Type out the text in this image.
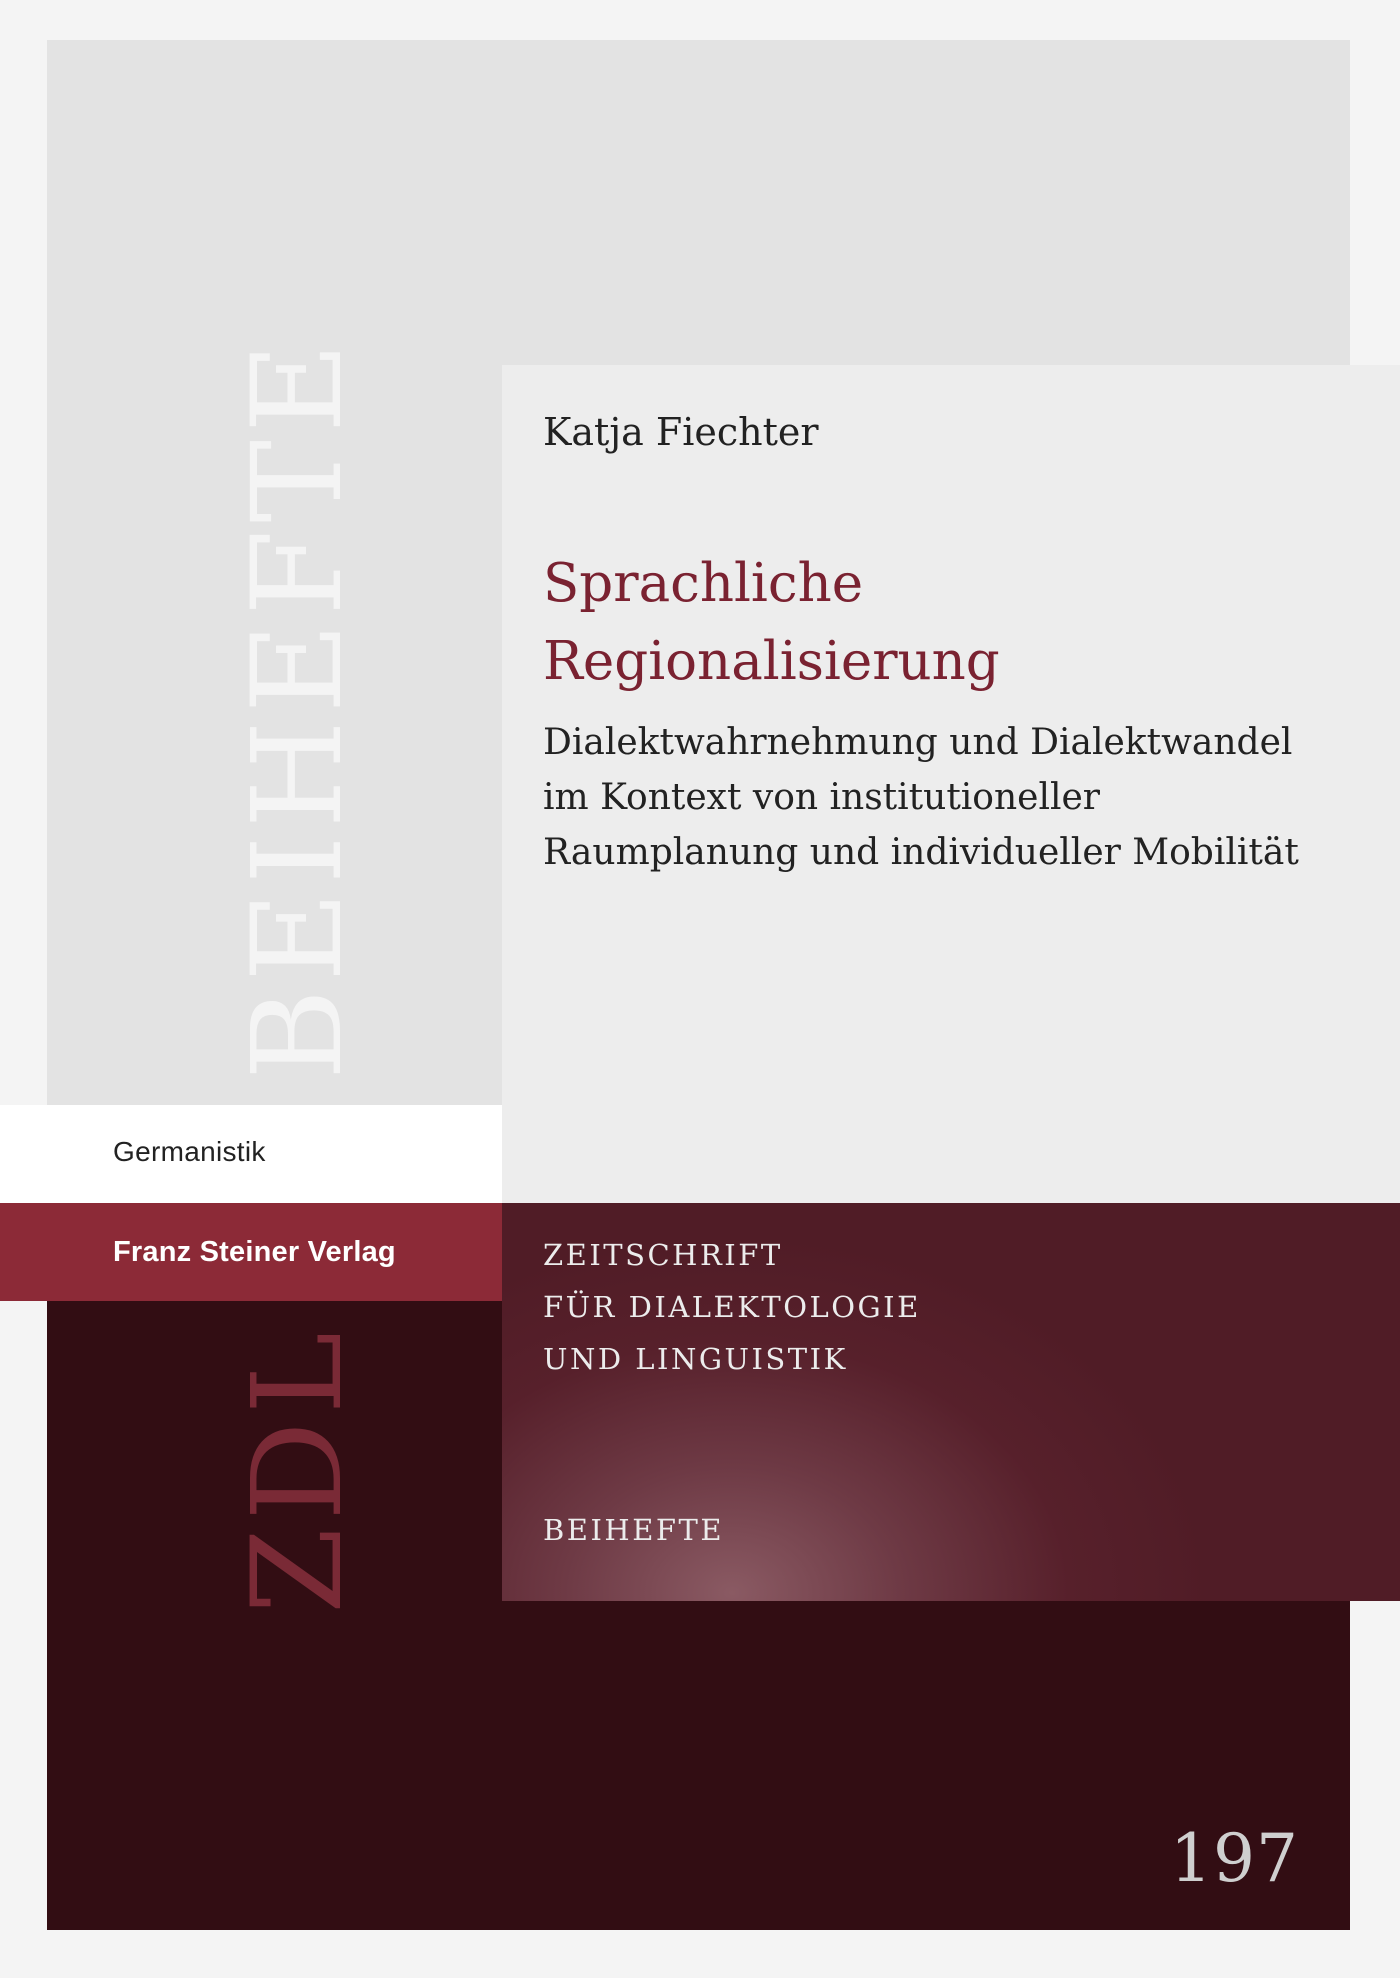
BEIHEFTE
Germanistik
Franz Steiner Verlag
ZDL
Katja Fiechter
Sprachliche
Regionalisierung
Dialektwahrnehmung und Dialektwandel
im Kontext von institutioneller
Raumplanung und individueller Mobilität
ZEITSCHRIFT
FÜR DIALEKTOLOGIE
UND LINGUISTIK
BEIHEFTE
197
